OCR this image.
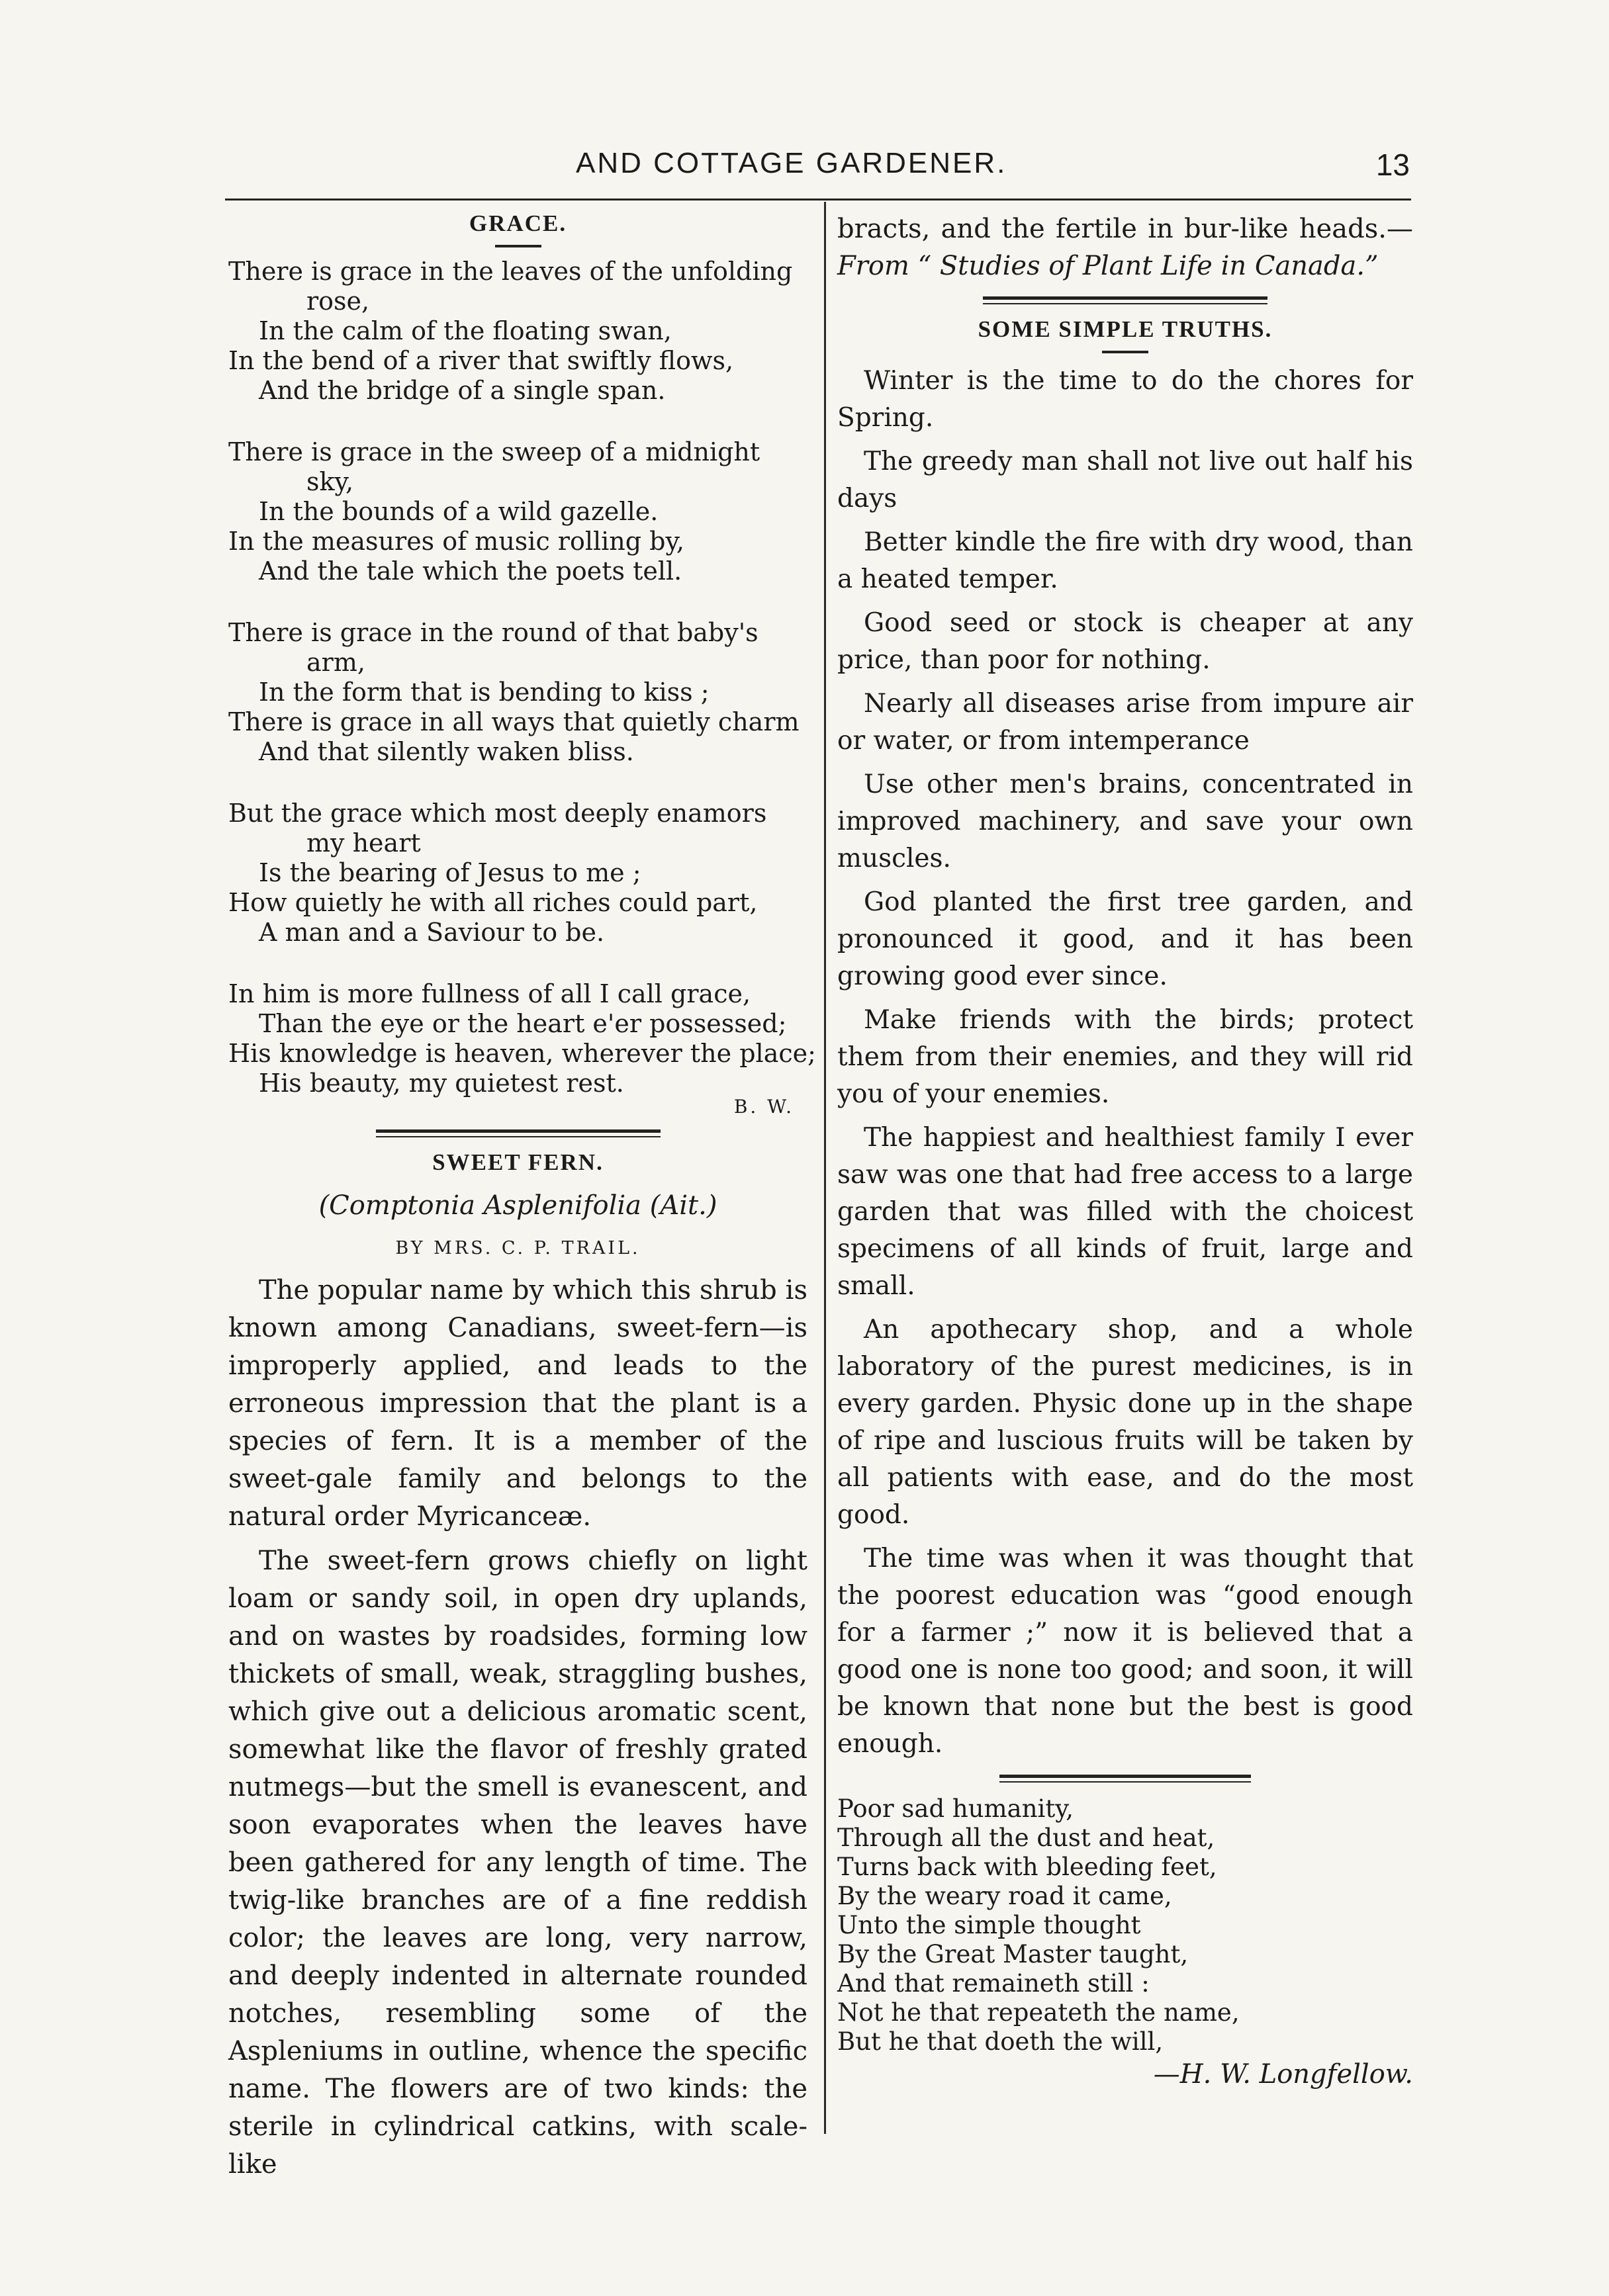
AND COTTAGE GARDENER.	13
GRACE.
There is grace in the leaves of the unfolding
rose,
In the calm of the floating swan,
In the bend of a river that swiftly flows,
And the bridge of a single span.
There is grace in the sweep of a midnight
sky,
In the bounds of a wild gazelle.
In the measures of music rolling by,
And the tale which the poets tell.
There is grace in the round of that baby's
arm,
In the form that is bending to kiss ;
There is grace in all ways that quietly charm
And that silently waken bliss.
But the grace which most deeply enamors
my heart
Is the bearing of Jesus to me ;
How quietly he with all riches could part,
A man and a Saviour to be.
In him is more fullness of all I call grace,
Than the eye or the heart e'er possessed;
His knowledge is heaven, wherever the place;
His beauty, my quietest rest.
B. W.
SWEET FERN.
(Comptonia Asplenifolia (Ait.)
BY MRS. C. P. TRAIL.

The popular name by which this shrub is known among Canadians, sweet-fern—is improperly applied, and leads to the erroneous impression that the plant is a species of fern. It is a member of the sweet-gale family and belongs to the natural order Myricanceæ.

The sweet-fern grows chiefly on light loam or sandy soil, in open dry uplands, and on wastes by roadsides, forming low thickets of small, weak, straggling bushes, which give out a delicious aromatic scent, somewhat like the flavor of freshly grated nutmegs—but the smell is evanescent, and soon evaporates when the leaves have been gathered for any length of time. The twig-like branches are of a fine reddish color; the leaves are long, very narrow, and deeply indented in alternate rounded notches, resembling some of the Aspleniums in outline, whence the specific name. The flowers are of two kinds: the sterile in cylindrical catkins, with scale-like

bracts, and the fertile in bur-like heads.— From “ Studies of Plant Life in Canada.”
SOME SIMPLE TRUTHS.

Winter is the time to do the chores for Spring.

The greedy man shall not live out half his days

Better kindle the fire with dry wood, than a heated temper.

Good seed or stock is cheaper at any price, than poor for nothing.

Nearly all diseases arise from impure air or water, or from intemperance

Use other men's brains, concentrated in improved machinery, and save your own muscles.

God planted the first tree garden, and pronounced it good, and it has been growing good ever since.

Make friends with the birds; protect them from their enemies, and they will rid you of your enemies.

The happiest and healthiest family I ever saw was one that had free access to a large garden that was filled with the choicest specimens of all kinds of fruit, large and small.

An apothecary shop, and a whole laboratory of the purest medicines, is in every garden. Physic done up in the shape of ripe and luscious fruits will be taken by all patients with ease, and do the most good.

The time was when it was thought that the poorest education was “good enough for a farmer ;” now it is believed that a good one is none too good; and soon, it will be known that none but the best is good enough.

Poor sad humanity,
Through all the dust and heat,
Turns back with bleeding feet,
By the weary road it came,
Unto the simple thought
By the Great Master taught,
And that remaineth still :
Not he that repeateth the name,
But he that doeth the will,
—H. W. Longfellow.
